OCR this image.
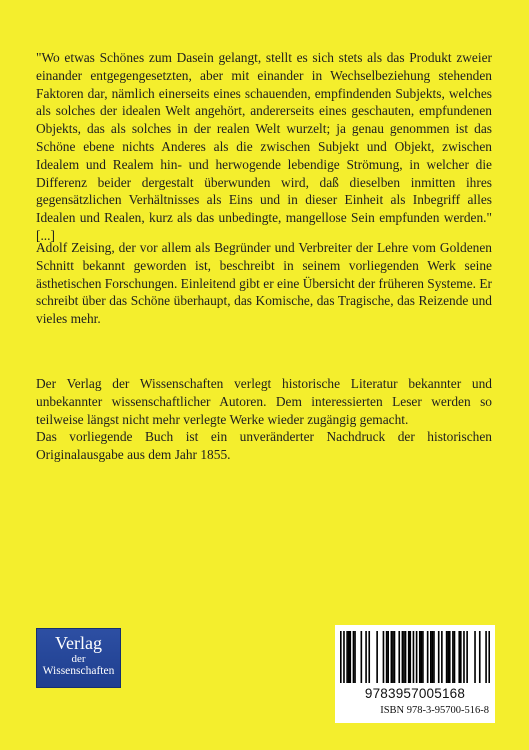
"Wo etwas Schönes zum Dasein gelangt, stellt es sich stets als das Produkt zweier einander entgegengesetzten, aber mit einander in Wechselbeziehung stehenden Faktoren dar, nämlich einerseits eines schauenden, empfindenden Subjekts, welches als solches der idealen Welt angehört, andererseits eines geschauten, empfundenen Objekts, das als solches in der realen Welt wurzelt; ja genau genommen ist das Schöne ebene nichts Anderes als die zwischen Subjekt und Objekt, zwischen Idealem und Realem hin- und herwogende lebendige Strömung, in welcher die Differenz beider dergestalt überwunden wird, daß dieselben inmitten ihres gegensätzlichen Verhältnisses als Eins und in dieser Einheit als Inbegriff alles Idealen und Realen, kurz als das unbedingte, mangellose Sein empfunden werden." [...]

Adolf Zeising, der vor allem als Begründer und Verbreiter der Lehre vom Goldenen Schnitt bekannt geworden ist, beschreibt in seinem vorliegenden Werk seine ästhetischen Forschungen. Einleitend gibt er eine Übersicht der früheren Systeme. Er schreibt über das Schöne überhaupt, das Komische, das Tragische, das Reizende und vieles mehr.

Der Verlag der Wissenschaften verlegt historische Literatur bekannter und unbekannter wissenschaftlicher Autoren. Dem interessierten Leser werden so teilweise längst nicht mehr verlegte Werke wieder zugängig gemacht.

Das vorliegende Buch ist ein unveränderter Nachdruck der historischen Originalausgabe aus dem Jahr 1855.

Verlag
der
Wissenschaften
9783957005168
ISBN 978-3-95700-516-8
